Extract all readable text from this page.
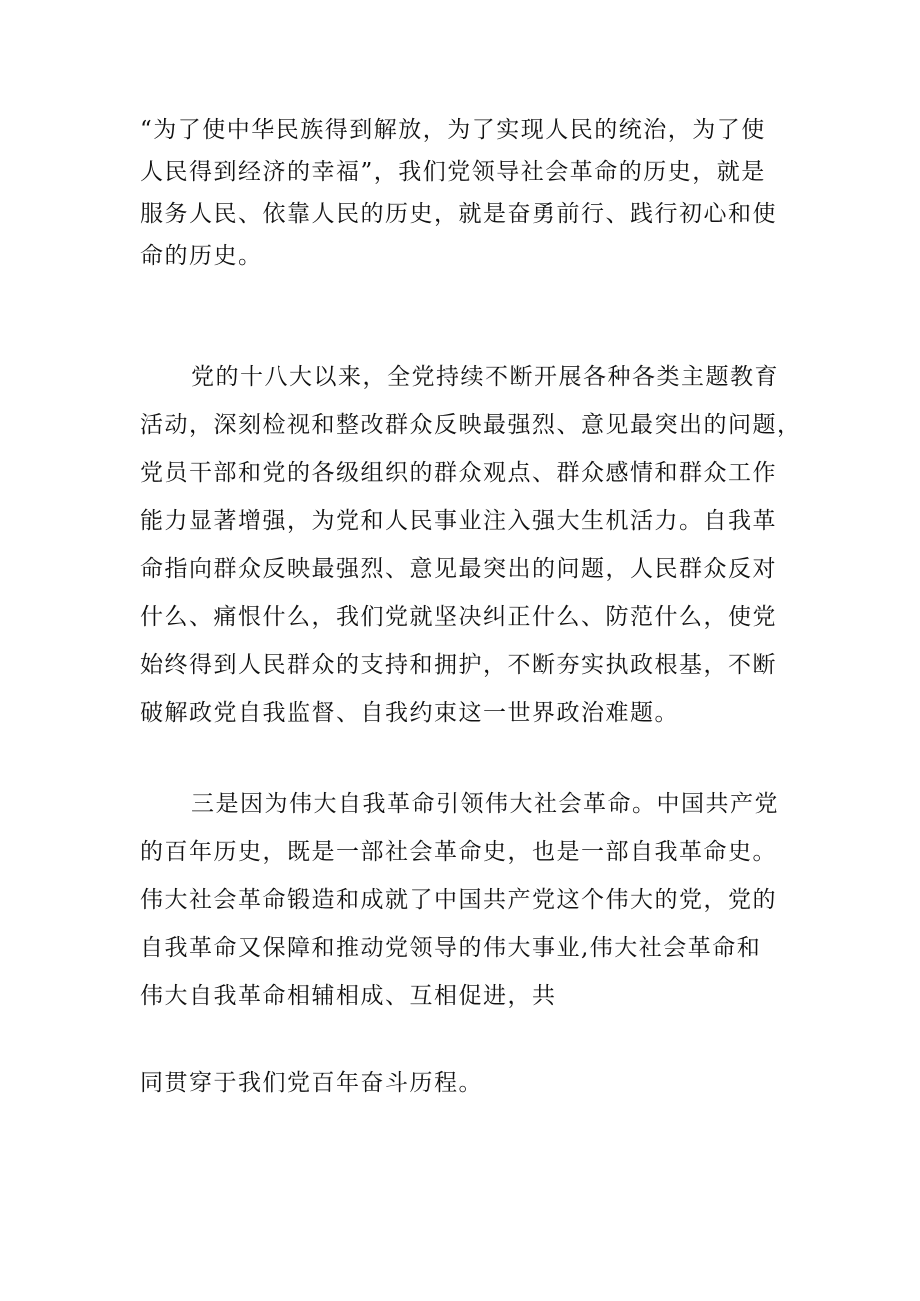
“为了使中华民族得到解放，为了实现人民的统治，为了使
人民得到经济的幸福”，我们党领导社会革命的历史，就是
服务人民、依靠人民的历史，就是奋勇前行、践行初心和使
命的历史。
党的十八大以来，全党持续不断开展各种各类主题教育
活动，深刻检视和整改群众反映最强烈、意见最突出的问题，
党员干部和党的各级组织的群众观点、群众感情和群众工作
能力显著增强，为党和人民事业注入强大生机活力。自我革
命指向群众反映最强烈、意见最突出的问题，人民群众反对
什么、痛恨什么，我们党就坚决纠正什么、防范什么，使党
始终得到人民群众的支持和拥护，不断夯实执政根基，不断
破解政党自我监督、自我约束这一世界政治难题。
三是因为伟大自我革命引领伟大社会革命。中国共产党
的百年历史，既是一部社会革命史，也是一部自我革命史。
伟大社会革命锻造和成就了中国共产党这个伟大的党，党的
自我革命又保障和推动党领导的伟大事业,伟大社会革命和
伟大自我革命相辅相成、互相促进，共
同贯穿于我们党百年奋斗历程。
